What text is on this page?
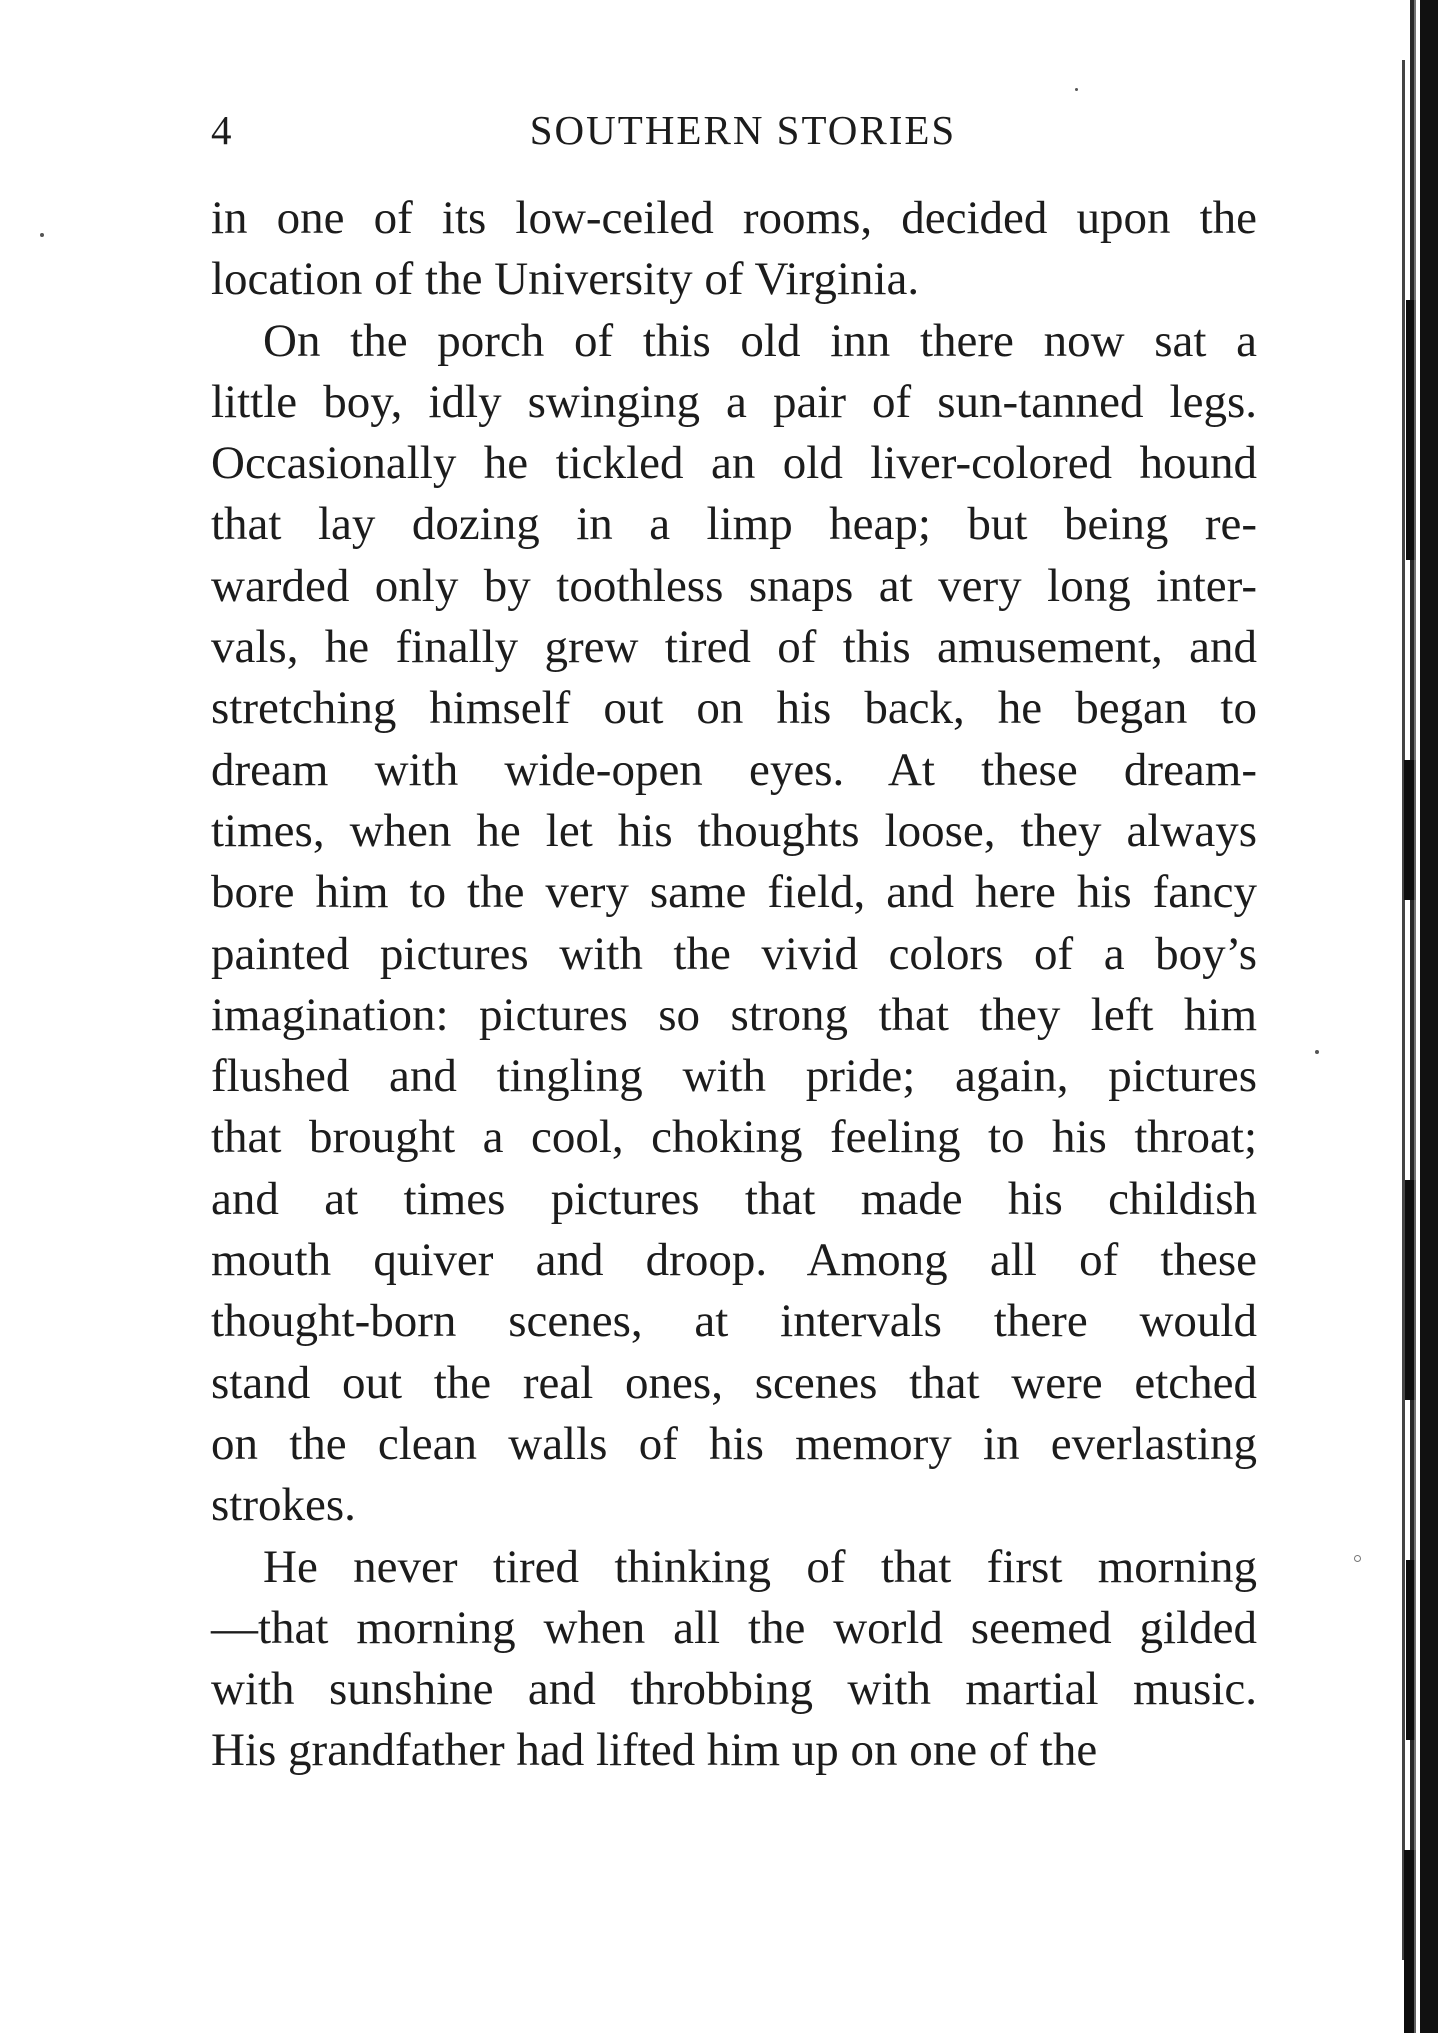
4	SOUTHERN STORIES
in one of its low-ceiled rooms, decided upon the
location of the University of Virginia.
On the porch of this old inn there now sat a
little boy, idly swinging a pair of sun-tanned legs.
Occasionally he tickled an old liver-colored hound
that lay dozing in a limp heap; but being re-
warded only by toothless snaps at very long inter-
vals, he finally grew tired of this amusement, and
stretching himself out on his back, he began to
dream with wide-open eyes. At these dream-
times, when he let his thoughts loose, they always
bore him to the very same field, and here his fancy
painted pictures with the vivid colors of a boy’s
imagination: pictures so strong that they left him
flushed and tingling with pride; again, pictures
that brought a cool, choking feeling to his throat;
and at times pictures that made his childish
mouth quiver and droop. Among all of these
thought-born scenes, at intervals there would
stand out the real ones, scenes that were etched
on the clean walls of his memory in everlasting
strokes.
He never tired thinking of that first morning
—that morning when all the world seemed gilded
with sunshine and throbbing with martial music.
His grandfather had lifted him up on one of the
